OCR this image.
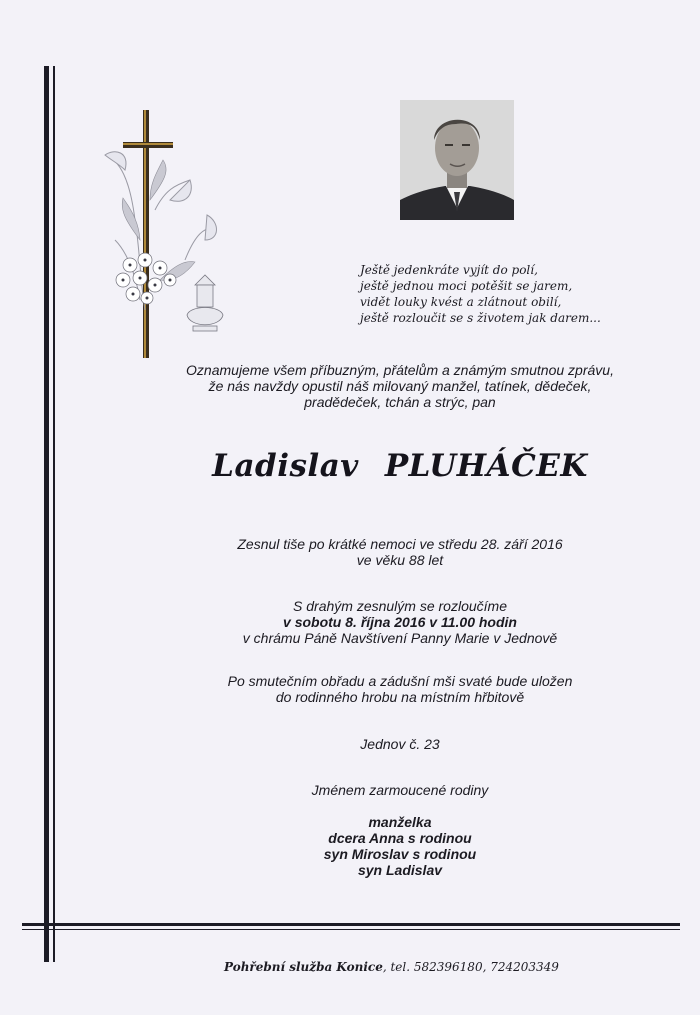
Ještě jedenkráte vyjít do polí,
ještě jednou moci potěšit se jarem,
vidět louky kvést a zlátnout obilí,
ještě rozloučit se s životem jak darem...
Oznamujeme všem příbuzným, přátelům a známým smutnou zprávu,
že nás navždy opustil náš milovaný manžel, tatínek, dědeček,
pradědeček, tchán a strýc, pan
Ladislav PLUHÁČEK
Zesnul tiše po krátké nemoci ve středu 28. září 2016
ve věku 88 let
S drahým zesnulým se rozloučíme
v sobotu 8. října 2016 v 11.00 hodin
v chrámu Páně Navštívení Panny Marie v Jednově
Po smutečním obřadu a zádušní mši svaté bude uložen
do rodinného hrobu na místním hřbitově
Jednov č. 23
Jménem zarmoucené rodiny
manželka
dcera Anna s rodinou
syn Miroslav s rodinou
syn Ladislav
Pohřební služba Konice, tel. 582396180, 724203349
